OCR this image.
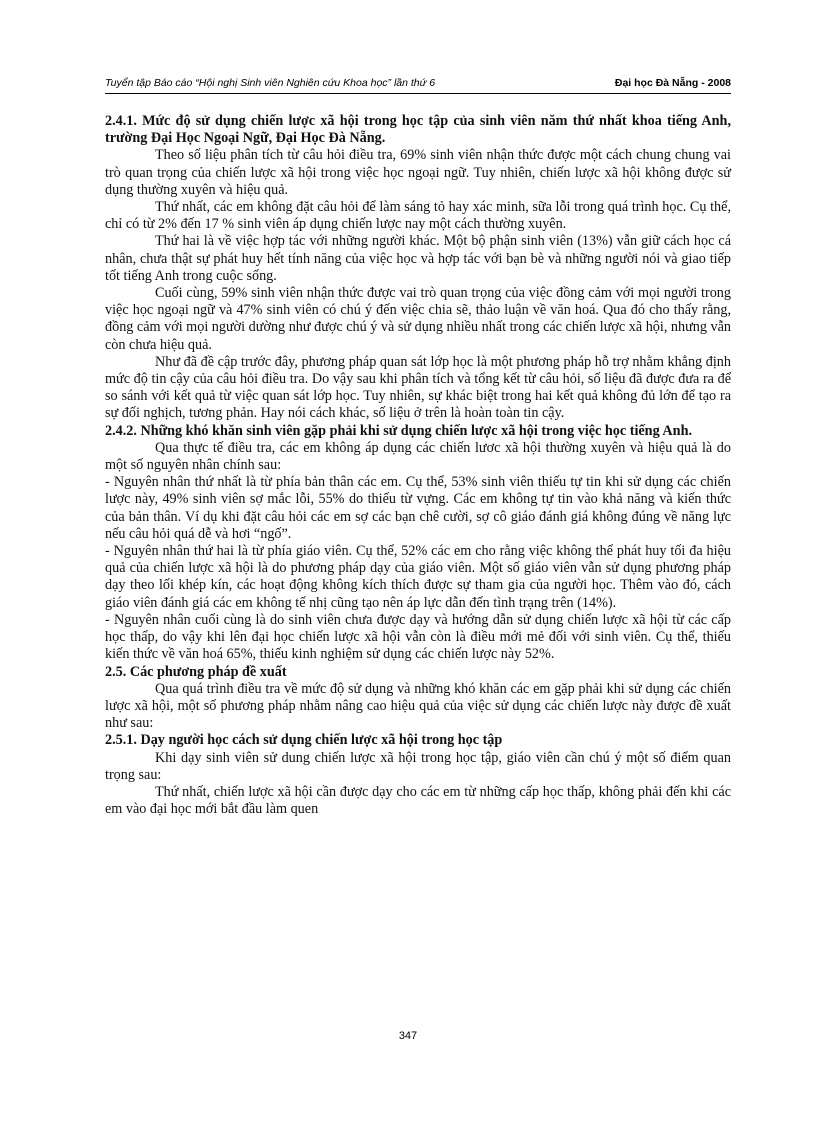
Tuyển tập Báo cáo “Hội nghị Sinh viên Nghiên cứu Khoa học” lần thứ 6	Đại học Đà Nẵng - 2008

2.4.1. Mức độ sử dụng chiến lược xã hội trong học tập của sinh viên năm thứ nhất khoa tiếng Anh, trường Đại Học Ngoại Ngữ, Đại Học Đà Nẵng.

Theo số liệu phân tích từ câu hỏi điều tra, 69% sinh viên nhận thức được một cách chung chung vai trò quan trọng của chiến lược xã hội trong việc học ngoại ngữ. Tuy nhiên, chiến lược xã hội không được sử dụng thường xuyên và hiệu quả.

Thứ nhất, các em không đặt câu hỏi để làm sáng tỏ hay xác minh, sữa lỗi trong quá trình học. Cụ thể, chỉ có từ 2% đến 17 % sinh viên áp dụng chiến lược nay một cách thường xuyên.

Thứ hai là về việc hợp tác với những người khác. Một bộ phận sinh viên (13%) vẫn giữ cách học cá nhân, chưa thật sự phát huy hết tính năng của việc học và hợp tác với bạn bè và những người nói và giao tiếp tốt tiếng Anh trong cuộc sống.

Cuối cùng, 59% sinh viên nhận thức được vai trò quan trọng của việc đồng cảm với mọi người trong việc học ngoại ngữ và 47% sinh viên có chú ý đến việc chia sẽ, thảo luận về văn hoá. Qua đó cho thấy rằng, đồng cảm với mọi người dường như được chú ý và sử dụng nhiều nhất trong các chiến lược xã hội, nhưng vẫn còn chưa hiệu quả.

Như đã đề cập trước đây, phương pháp quan sát lớp học là một phương pháp hỗ trợ nhằm khẳng định mức độ tin cậy của câu hỏi điều tra. Do vậy sau khi phân tích và tổng kết từ câu hỏi, số liệu đã được đưa ra để so sánh với kết quả từ việc quan sát lớp học. Tuy nhiên, sự khác biệt trong hai kết quả không đủ lớn để tạo ra sự đối nghịch, tương phản. Hay nói cách khác, số liệu ở trên là hoàn toàn tin cậy.

2.4.2. Những khó khăn sinh viên gặp phải khi sử dụng chiến lược xã hội trong việc học tiếng Anh.

Qua thực tế điều tra, các em không áp dụng các chiến lươc xã hội thường xuyên và hiệu quả là do một số nguyên nhân chính sau:

- Nguyên nhân thứ nhất là từ phía bản thân các em. Cụ thể, 53% sinh viên thiếu tự tin khi sử dụng các chiến lược này, 49% sinh viên sợ mắc lỗi, 55% do thiếu từ vựng. Các em không tự tin vào khả năng và kiến thức của bản thân. Ví dụ khi đặt câu hỏi các em sợ các bạn chê cười, sợ cô giáo đánh giá không đúng về năng lực nếu câu hỏi quá dễ và hơi “ngố”.

- Nguyên nhân thứ hai là từ phía giáo viên. Cụ thể, 52% các em cho rằng việc không thể phát huy tối đa hiệu quả của chiến lược xã hội là do phương pháp dạy của giáo viên. Một số giáo viên vẫn sử dụng phương pháp dạy theo lối khép kín, các hoạt động không kích thích được sự tham gia của người học. Thêm vào đó, cách giáo viên đánh giá các em không tế nhị cũng tạo nên áp lực dẫn đến tình trạng trên (14%).

- Nguyên nhân cuối cùng là do sinh viên chưa được dạy và hướng dẫn sử dụng chiến lược xã hội từ các cấp học thấp, do vậy khi lên đại học chiến lược xã hội vẫn còn là điều mới mẻ đối với sinh viên. Cụ thể, thiếu kiến thức về văn hoá 65%, thiếu kinh nghiệm sử dụng các chiến lược này 52%.

2.5. Các phương pháp đề xuất

Qua quá trình điều tra về mức độ sử dụng và những khó khăn các em gặp phải khi sử dụng các chiến lược xã hội, một số phương pháp nhằm nâng cao hiệu quả của việc sử dụng các chiến lược này được đề xuất như sau:

2.5.1. Dạy người học cách sử dụng chiến lược xã hội trong học tập

Khi dạy sinh viên sử dung chiến lược xã hội trong học tập, giáo viên cần chú ý một số điểm quan trọng sau:

Thứ nhất, chiến lược xã hội cần được dạy cho các em từ những cấp học thấp, không phải đến khi các em vào đại học mới bắt đầu làm quen

347
